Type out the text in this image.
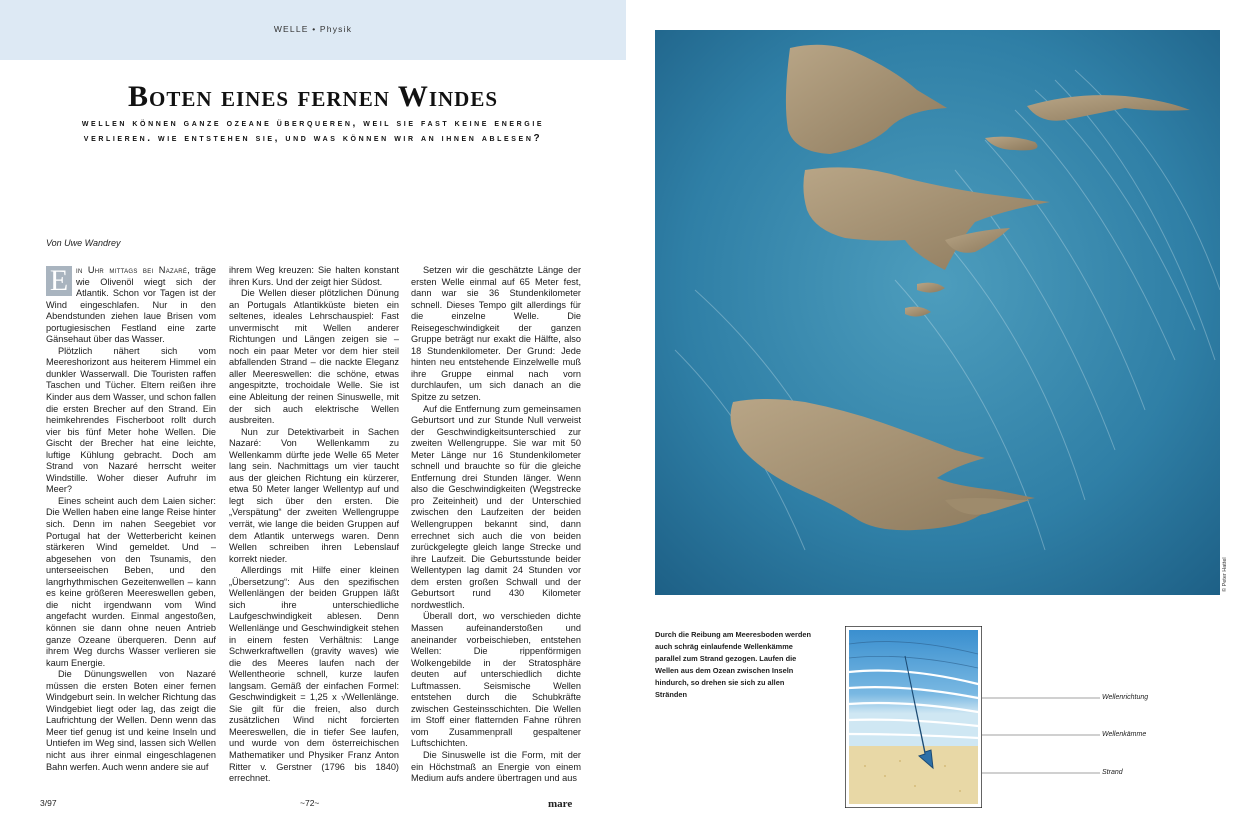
WELLE • Physik
Boten eines fernen Windes
wellen können ganze ozeane überqueren, weil sie fast keine energie verlieren. wie entstehen sie, und was können wir an ihnen ablesen?
Von Uwe Wandrey

E in Uhr mittags bei Nazaré, träge wie Olivenöl wiegt sich der Atlantik. Schon vor Tagen ist der Wind eingeschlafen. Nur in den Abendstunden ziehen laue Brisen vom portugiesischen Festland eine zarte Gänsehaut über das Wasser.

Plötzlich nähert sich vom Meereshorizont aus heiterem Himmel ein dunkler Wasserwall. Die Touristen raffen Taschen und Tücher. Eltern reißen ihre Kinder aus dem Wasser, und schon fallen die ersten Brecher auf den Strand. Ein heimkehrendes Fischerboot rollt durch vier bis fünf Meter hohe Wellen. Die Gischt der Brecher hat eine leichte, luftige Kühlung gebracht. Doch am Strand von Nazaré herrscht weiter Windstille. Woher dieser Aufruhr im Meer?

Eines scheint auch dem Laien sicher: Die Wellen haben eine lange Reise hinter sich. Denn im nahen Seegebiet vor Portugal hat der Wetterbericht keinen stärkeren Wind gemeldet. Und – abgesehen von den Tsunamis, den unterseeischen Beben, und den langrhythmischen Gezeitenwellen – kann es keine größeren Meereswellen geben, die nicht irgendwann vom Wind angefacht wurden. Einmal angestoßen, können sie dann ohne neuen Antrieb ganze Ozeane überqueren. Denn auf ihrem Weg durchs Wasser verlieren sie kaum Energie.

Die Dünungswellen von Nazaré müssen die ersten Boten einer fernen Windgeburt sein. In welcher Richtung das Windgebiet liegt oder lag, das zeigt die Laufrichtung der Wellen. Denn wenn das Meer tief genug ist und keine Inseln und Untiefen im Weg sind, lassen sich Wellen nicht aus ihrer einmal eingeschlagenen Bahn werfen. Auch wenn andere sie auf

ihrem Weg kreuzen: Sie halten konstant ihren Kurs. Und der zeigt hier Südost.

Die Wellen dieser plötzlichen Dünung an Portugals Atlantikküste bieten ein seltenes, ideales Lehrschauspiel: Fast unvermischt mit Wellen anderer Richtungen und Längen zeigen sie – noch ein paar Meter vor dem hier steil abfallenden Strand – die nackte Eleganz aller Meereswellen: die schöne, etwas angespitzte, trochoidale Welle. Sie ist eine Ableitung der reinen Sinuswelle, mit der sich auch elektrische Wellen ausbreiten.

Nun zur Detektivarbeit in Sachen Nazaré: Von Wellenkamm zu Wellenkamm dürfte jede Welle 65 Meter lang sein. Nachmittags um vier taucht aus der gleichen Richtung ein kürzerer, etwa 50 Meter langer Wellentyp auf und legt sich über den ersten. Die „Verspätung“ der zweiten Wellengruppe verrät, wie lange die beiden Gruppen auf dem Atlantik unterwegs waren. Denn Wellen schreiben ihren Lebenslauf korrekt nieder.

Allerdings mit Hilfe einer kleinen „Übersetzung“: Aus den spezifischen Wellenlängen der beiden Gruppen läßt sich ihre unterschiedliche Laufgeschwindigkeit ablesen. Denn Wellenlänge und Geschwindigkeit stehen in einem festen Verhältnis: Lange Schwerkraftwellen (gravity waves) wie die des Meeres laufen nach der Wellentheorie schnell, kurze laufen langsam. Gemäß der einfachen Formel: Geschwindigkeit = 1,25 x √Wellenlänge. Sie gilt für die freien, also durch zusätzlichen Wind nicht forcierten Meereswellen, die in tiefer See laufen, und wurde von dem österreichischen Mathematiker und Physiker Franz Anton Ritter v. Gerstner (1796 bis 1840) errechnet.

Setzen wir die geschätzte Länge der ersten Welle einmal auf 65 Meter fest, dann war sie 36 Stundenkilometer schnell. Dieses Tempo gilt allerdings für die einzelne Welle. Die Reisegeschwindigkeit der ganzen Gruppe beträgt nur exakt die Hälfte, also 18 Stundenkilometer. Der Grund: Jede hinten neu entstehende Einzelwelle muß ihre Gruppe einmal nach vorn durchlaufen, um sich danach an die Spitze zu setzen.

Auf die Entfernung zum gemeinsamen Geburtsort und zur Stunde Null verweist der Geschwindigkeitsunterschied zur zweiten Wellengruppe. Sie war mit 50 Meter Länge nur 16 Stundenkilometer schnell und brauchte so für die gleiche Entfernung drei Stunden länger. Wenn also die Geschwindigkeiten (Wegstrecke pro Zeiteinheit) und der Unterschied zwischen den Laufzeiten der beiden Wellengruppen bekannt sind, dann errechnet sich auch die von beiden zurückgelegte gleich lange Strecke und ihre Laufzeit. Die Geburtsstunde beider Wellentypen lag damit 24 Stunden vor dem ersten großen Schwall und der Geburtsort rund 430 Kilometer nordwestlich.

Überall dort, wo verschieden dichte Massen aufeinanderstoßen und aneinander vorbeischieben, entstehen Wellen: Die rippenförmigen Wolkengebilde in der Stratosphäre deuten auf unterschiedlich dichte Luftmassen. Seismische Wellen entstehen durch die Schubkräfte zwischen Gesteinsschichten. Die Wellen im Stoff einer flatternden Fahne rühren vom Zusammenprall gespaltener Luftschichten.

Die Sinuswelle ist die Form, mit der ein Höchstmaß an Energie von einem Medium aufs andere übertragen und aus

3/97	~72~	mare
© Peter Hattel
Durch die Reibung am Meeresboden werden auch schräg einlaufende Wellenkämme parallel zum Strand gezogen. Laufen die Wellen aus dem Ozean zwischen Inseln hindurch, so drehen sie sich zu allen Stränden	Wellenrichtung
Wellenkämme
Strand
